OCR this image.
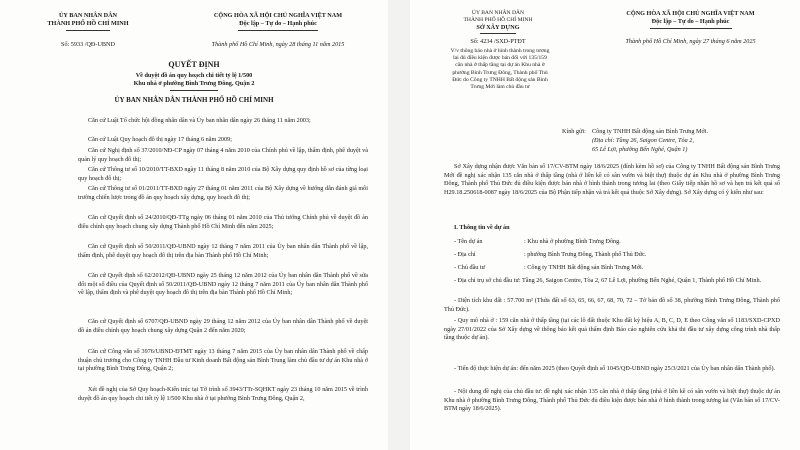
ỦY BAN NHÂN DÂN
THÀNH PHỐ HỒ CHÍ MINH
CỘNG HÒA XÃ HỘI CHỦ NGHĨA VIỆT NAM
Độc lập – Tự do – Hạnh phúc
Số: 5933 /QĐ-UBND	Thành phố Hồ Chí Minh, ngày 28 tháng 11 năm 2015
QUYẾT ĐỊNH
Về duyệt đồ án quy hoạch chi tiết tỷ lệ 1/500
Khu nhà ở phường Bình Trưng Đông, Quận 2
ỦY BAN NHÂN DÂN THÀNH PHỐ HỒ CHÍ MINH
Căn cứ Luật Tổ chức hội đồng nhân dân và Ủy ban nhân dân ngày 26 tháng 11 năm 2003;
Căn cứ Luật Quy hoạch đô thị ngày 17 tháng 6 năm 2009;
Căn cứ Nghị định số 37/2010/NĐ-CP ngày 07 tháng 4 năm 2010 của Chính phủ về lập, thẩm định, phê duyệt và quản lý quy hoạch đô thị;
Căn cứ Thông tư số 10/2010/TT-BXD ngày 11 tháng 8 năm 2010 của Bộ Xây dựng quy định hồ sơ của từng loại quy hoạch đô thị;
Căn cứ Thông tư số 01/2011/TT-BXD ngày 27 tháng 01 năm 2011 của Bộ Xây dựng về hướng dẫn đánh giá môi trường chiến lược trong đồ án quy hoạch xây dựng, quy hoạch đô thị;
Căn cứ Quyết định số 24/2010/QĐ-TTg ngày 06 tháng 01 năm 2010 của Thủ tướng Chính phủ về duyệt đồ án điều chỉnh quy hoạch chung xây dựng Thành phố Hồ Chí Minh đến năm 2025;
Căn cứ Quyết định số 50/2011/QĐ-UBND ngày 12 tháng 7 năm 2011 của Ủy ban nhân dân Thành phố về lập, thẩm định, phê duyệt quy hoạch đô thị trên địa bàn Thành phố Hồ Chí Minh;
Căn cứ Quyết định số 62/2012/QĐ-UBND ngày 25 tháng 12 năm 2012 của Ủy ban nhân dân Thành phố về sửa đổi một số điều của Quyết định số 50/2011/QĐ-UBND ngày 12 tháng 7 năm 2011 của Ủy ban nhân dân Thành phố về lập, thẩm định và phê duyệt quy hoạch đô thị trên địa bàn Thành phố Hồ Chí Minh;
Căn cứ Quyết định số 6707/QĐ-UBND ngày 29 tháng 12 năm 2012 của Ủy ban nhân dân Thành phố về duyệt đồ án điều chỉnh quy hoạch chung xây dựng Quận 2 đến năm 2020;
Căn cứ Công văn số 3976/UBND-ĐTMT ngày 13 tháng 7 năm 2015 của Ủy ban nhân dân Thành phố về chấp thuận chủ trương cho Công ty TNHH Đầu tư Kinh doanh Bất động sản Bình Trung làm chủ đầu tư dự án Khu nhà ở tại phường Bình Trưng Đông, Quận 2;
Xét đề nghị của Sở Quy hoạch-Kiến trúc tại Tờ trình số 3943/TTr-SQHKT ngày 23 tháng 10 năm 2015 về trình duyệt đồ án quy hoạch chi tiết tỷ lệ 1/500 Khu nhà ở tại phường Bình Trưng Đông, Quận 2,
ỦY BAN NHÂN DÂN
THÀNH PHỐ HỒ CHÍ MINH
SỞ XÂY DỰNG
CỘNG HÒA XÃ HỘI CHỦ NGHĨA VIỆT NAM
Độc lập – Tự do – Hạnh phúc
Số: 4234 /SXD-PTĐT	Thành phố Hồ Chí Minh, ngày 27 tháng 6 năm 2025
V/v thông báo nhà ở hình thành trong tương lai đủ điều kiện được bán đối với 135/159 căn nhà ở thấp tầng tại dự án Khu nhà ở phường Bình Trưng Đông, Thành phố Thủ Đức do Công ty TNHH Bất động sản Bình Trưng Mới làm chủ đầu tư
Kính gửi: Công ty TNHH Bất động sản Bình Trưng Mới.
(Địa chỉ: Tầng 26, Saigon Centre, Tòa 2,
65 Lê Lợi, phường Bến Nghé, Quận 1)
Sở Xây dựng nhận được Văn bản số 17/CV-BTM ngày 18/6/2025 (đính kèm hồ sơ) của Công ty TNHH Bất động sản Bình Trưng Mới đề nghị xác nhận 135 căn nhà ở thấp tầng (nhà ở liền kề có sân vườn và biệt thự) thuộc dự án Khu nhà ở phường Bình Trưng Đông, Thành phố Thủ Đức đủ điều kiện được bán nhà ở hình thành trong tương lai (theo Giấy tiếp nhận hồ sơ và hẹn trả kết quả số H29.18.250618-0087 ngày 18/6/2025 của Bộ Phận tiếp nhận và trả kết quả thuộc Sở Xây dựng). Sở Xây dựng có ý kiến như sau:
I. Thông tin về dự án
- Tên dự án	: Khu nhà ở phường Bình Trưng Đông.
- Địa chỉ	: phường Bình Trưng Đông, Thành phố Thủ Đức.
- Chủ đầu tư	: Công ty TNHH Bất động sản Bình Trưng Mới.
- Địa chỉ trụ sở chủ đầu tư: Tầng 26, Saigon Centre, Tòa 2, 67 Lê Lợi, phường Bến Nghé, Quận 1, Thành phố Hồ Chí Minh.
- Diện tích khu đất : 57.700 m² (Thửa đất số 63, 65, 66, 67, 68, 70, 72 – Tờ bản đồ số 38, phường Bình Trưng Đông, Thành phố Thủ Đức).
- Quy mô nhà ở : 159 căn nhà ở thấp tầng (tại các lô đất thuộc Khu đất ký hiệu A, B, C, D, E theo Công văn số 1183/SXD-CPXD ngày 27/01/2022 của Sở Xây dựng về thông báo kết quả thẩm định Báo cáo nghiên cứu khả thi đầu tư xây dựng công trình nhà thấp tầng thuộc dự án).
- Tiến độ thực hiện dự án: đến năm 2025 (theo Quyết định số 1045/QĐ-UBND ngày 25/3/2021 của Ủy ban nhân dân Thành phố).
- Nội dung đề nghị của chủ đầu tư: đề nghị xác nhận 135 căn nhà ở thấp tầng (nhà ở liền kề có sân vườn và biệt thự) thuộc dự án Khu nhà ở phường Bình Trưng Đông, Thành phố Thủ Đức đủ điều kiện được bán nhà ở hình thành trong tương lai (Văn bản số 17/CV-BTM ngày 18/6/2025).
